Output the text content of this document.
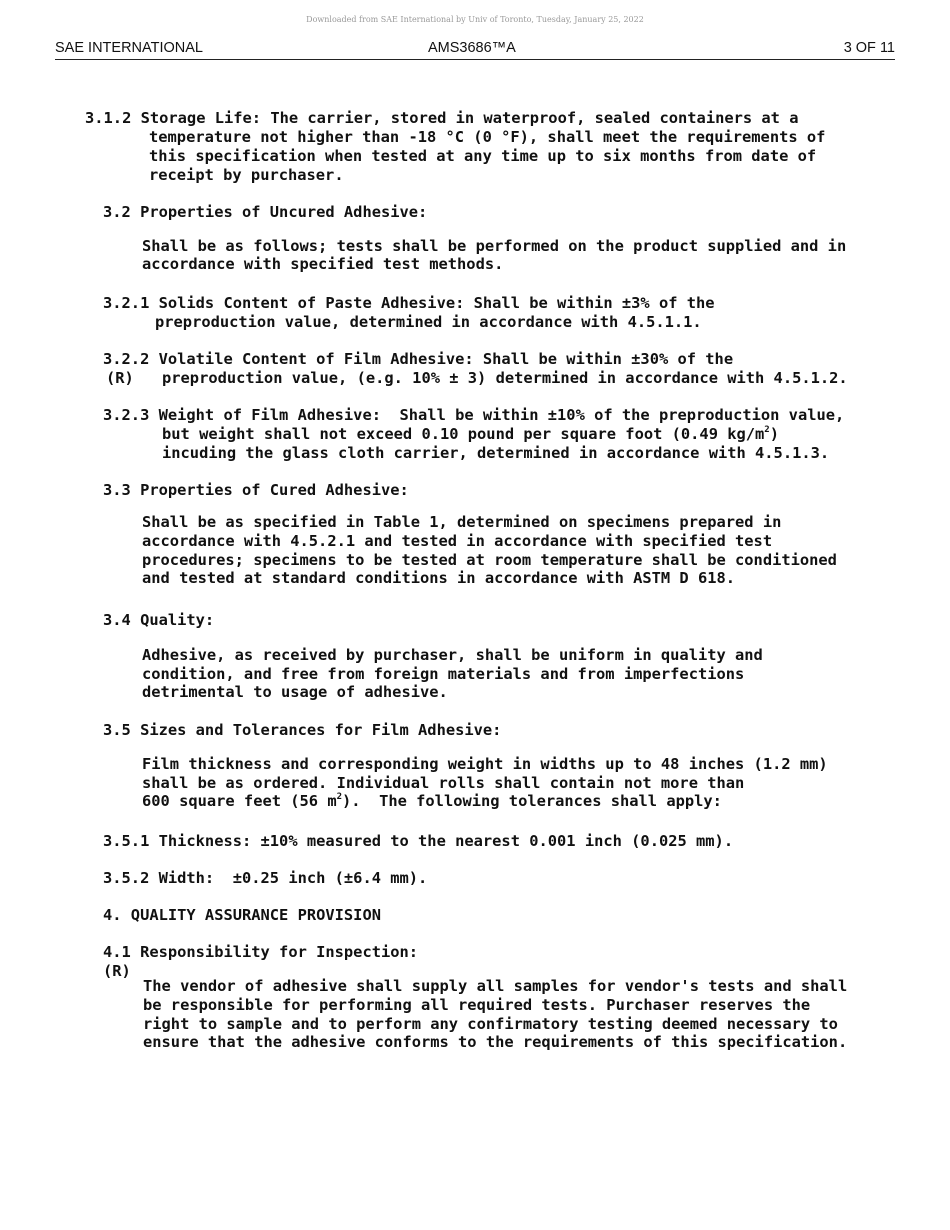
Downloaded from SAE International by Univ of Toronto, Tuesday, January 25, 2022
SAE INTERNATIONAL	AMS3686™A	3 OF 11

3.1.2 Storage Life: The carrier, stored in waterproof, sealed containers at a

temperature not higher than -18 °C (0 °F), shall meet the requirements of

this specification when tested at any time up to six months from date of

receipt by purchaser.

3.2 Properties of Uncured Adhesive:

Shall be as follows; tests shall be performed on the product supplied and in

accordance with specified test methods.

3.2.1 Solids Content of Paste Adhesive: Shall be within ±3% of the

preproduction value, determined in accordance with 4.5.1.1.

3.2.2 Volatile Content of Film Adhesive: Shall be within ±30% of the

(R) preproduction value, (e.g. 10% ± 3) determined in accordance with 4.5.1.2.

3.2.3 Weight of Film Adhesive:  Shall be within ±10% of the preproduction value,

but weight shall not exceed 0.10 pound per square foot (0.49 $kg/m^2$)

incuding the glass cloth carrier, determined in accordance with 4.5.1.3.

3.3 Properties of Cured Adhesive:

Shall be as specified in Table 1, determined on specimens prepared in

accordance with 4.5.2.1 and tested in accordance with specified test

procedures; specimens to be tested at room temperature shall be conditioned

and tested at standard conditions in accordance with ASTM D 618.

3.4 Quality:

Adhesive, as received by purchaser, shall be uniform in quality and

condition, and free from foreign materials and from imperfections

detrimental to usage of adhesive.

3.5 Sizes and Tolerances for Film Adhesive:

Film thickness and corresponding weight in widths up to 48 inches (1.2 mm)

shall be as ordered. Individual rolls shall contain not more than

600 square feet (56 $m^2$).  The following tolerances shall apply:

3.5.1 Thickness: ±10% measured to the nearest 0.001 inch (0.025 mm).

3.5.2 Width:  ±0.25 inch (±6.4 mm).

4. QUALITY ASSURANCE PROVISION

4.1 Responsibility for Inspection:

(R)

The vendor of adhesive shall supply all samples for vendor's tests and shall

be responsible for performing all required tests. Purchaser reserves the

right to sample and to perform any confirmatory testing deemed necessary to

ensure that the adhesive conforms to the requirements of this specification.
